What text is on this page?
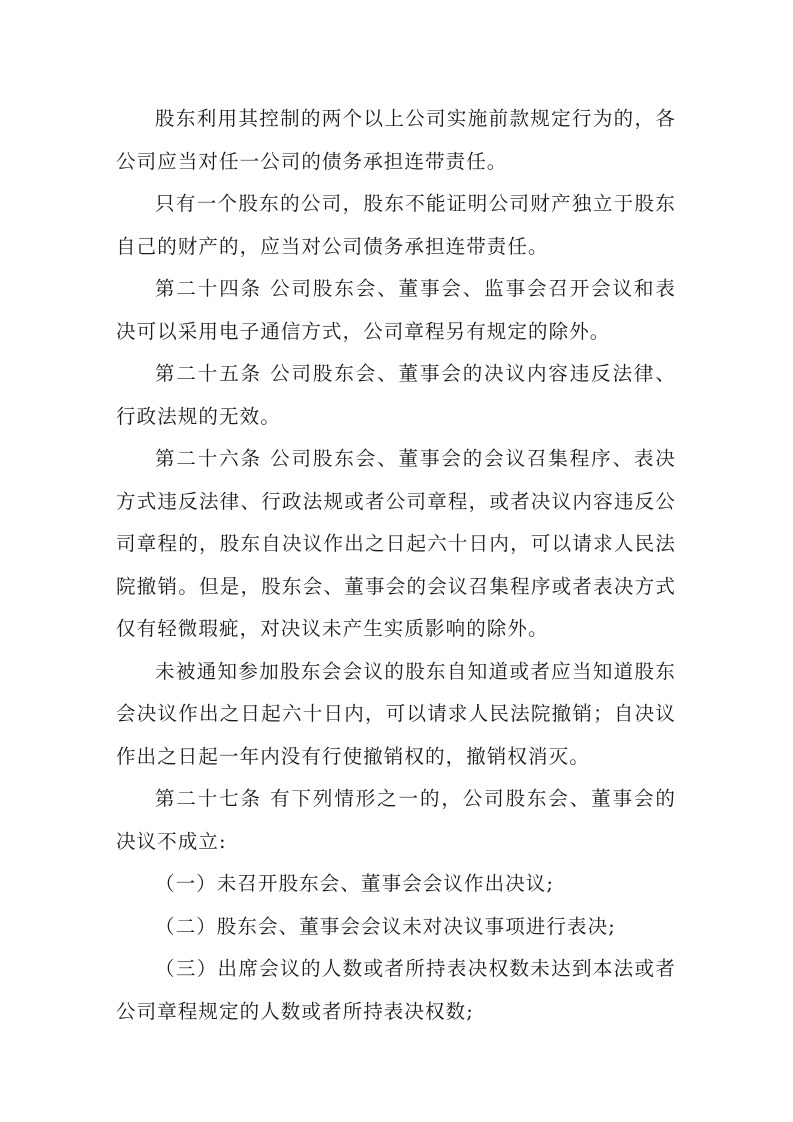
股东利用其控制的两个以上公司实施前款规定行为的，各公司应当对任一公司的债务承担连带责任。

只有一个股东的公司，股东不能证明公司财产独立于股东自己的财产的，应当对公司债务承担连带责任。

第二十四条 公司股东会、董事会、监事会召开会议和表决可以采用电子通信方式，公司章程另有规定的除外。

第二十五条 公司股东会、董事会的决议内容违反法律、行政法规的无效。

第二十六条 公司股东会、董事会的会议召集程序、表决方式违反法律、行政法规或者公司章程，或者决议内容违反公司章程的，股东自决议作出之日起六十日内，可以请求人民法院撤销。但是，股东会、董事会的会议召集程序或者表决方式仅有轻微瑕疵，对决议未产生实质影响的除外。

未被通知参加股东会会议的股东自知道或者应当知道股东会决议作出之日起六十日内，可以请求人民法院撤销；自决议作出之日起一年内没有行使撤销权的，撤销权消灭。

第二十七条 有下列情形之一的，公司股东会、董事会的决议不成立:

（一）未召开股东会、董事会会议作出决议;

（二）股东会、董事会会议未对决议事项进行表决;

（三）出席会议的人数或者所持表决权数未达到本法或者公司章程规定的人数或者所持表决权数;
